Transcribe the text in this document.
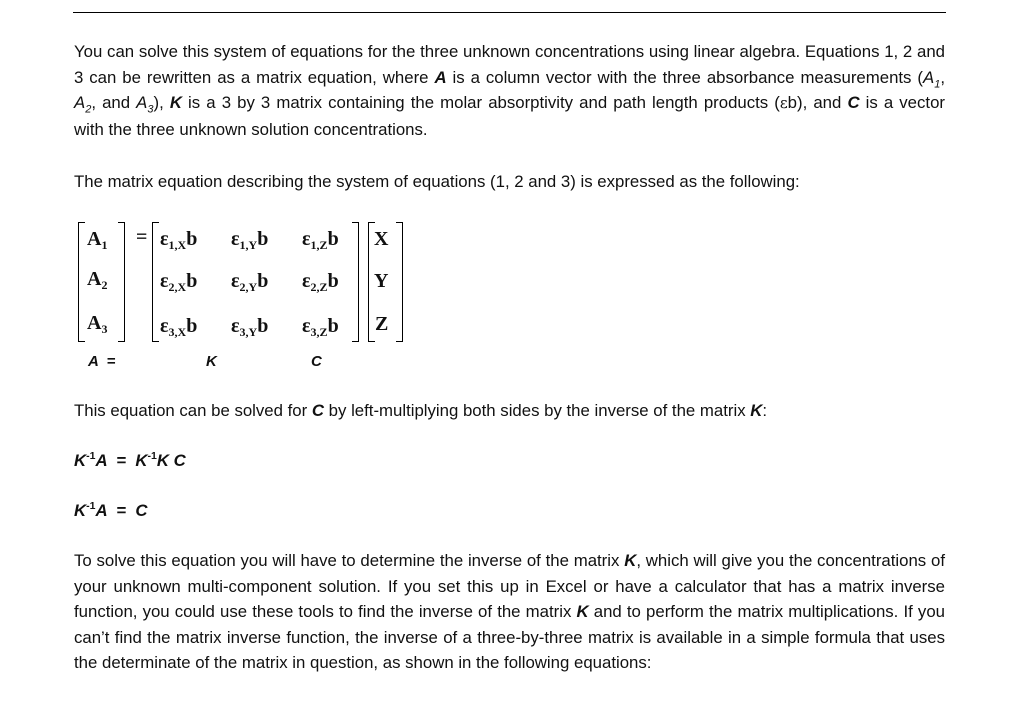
You can solve this system of equations for the three unknown concentrations using linear algebra. Equations 1, 2 and 3 can be rewritten as a matrix equation, where A is a column vector with the three absorbance measurements ($A_1$, $A_2$, and $A_3$), K is a 3 by 3 matrix containing the molar absorptivity and path length products (εb), and C is a vector with the three unknown solution concentrations.

The matrix equation describing the system of equations (1, 2 and 3) is expressed as the following:

$A_1$
$A_2$
$A_3$
= $\varepsilon_{1,X}b$ $\varepsilon_{1,Y}b$ $\varepsilon_{1,Z}b$
$\varepsilon_{2,X}b$ $\varepsilon_{2,Y}b$ $\varepsilon_{2,Z}b$
$\varepsilon_{3,X}b$ $\varepsilon_{3,Y}b$ $\varepsilon_{3,Z}b$
X
Y
Z
A  =	K	C

This equation can be solved for C by left-multiplying both sides by the inverse of the matrix K:

$K^{-1}A = K^{-1}K$ C
$K^{-1}A = C$

To solve this equation you will have to determine the inverse of the matrix K, which will give you the concentrations of your unknown multi-component solution. If you set this up in Excel or have a calculator that has a matrix inverse function, you could use these tools to find the inverse of the matrix K and to perform the matrix multiplications. If you can’t find the matrix inverse function, the inverse of a three-by-three matrix is available in a simple formula that uses the determinate of the matrix in question, as shown in the following equations:
